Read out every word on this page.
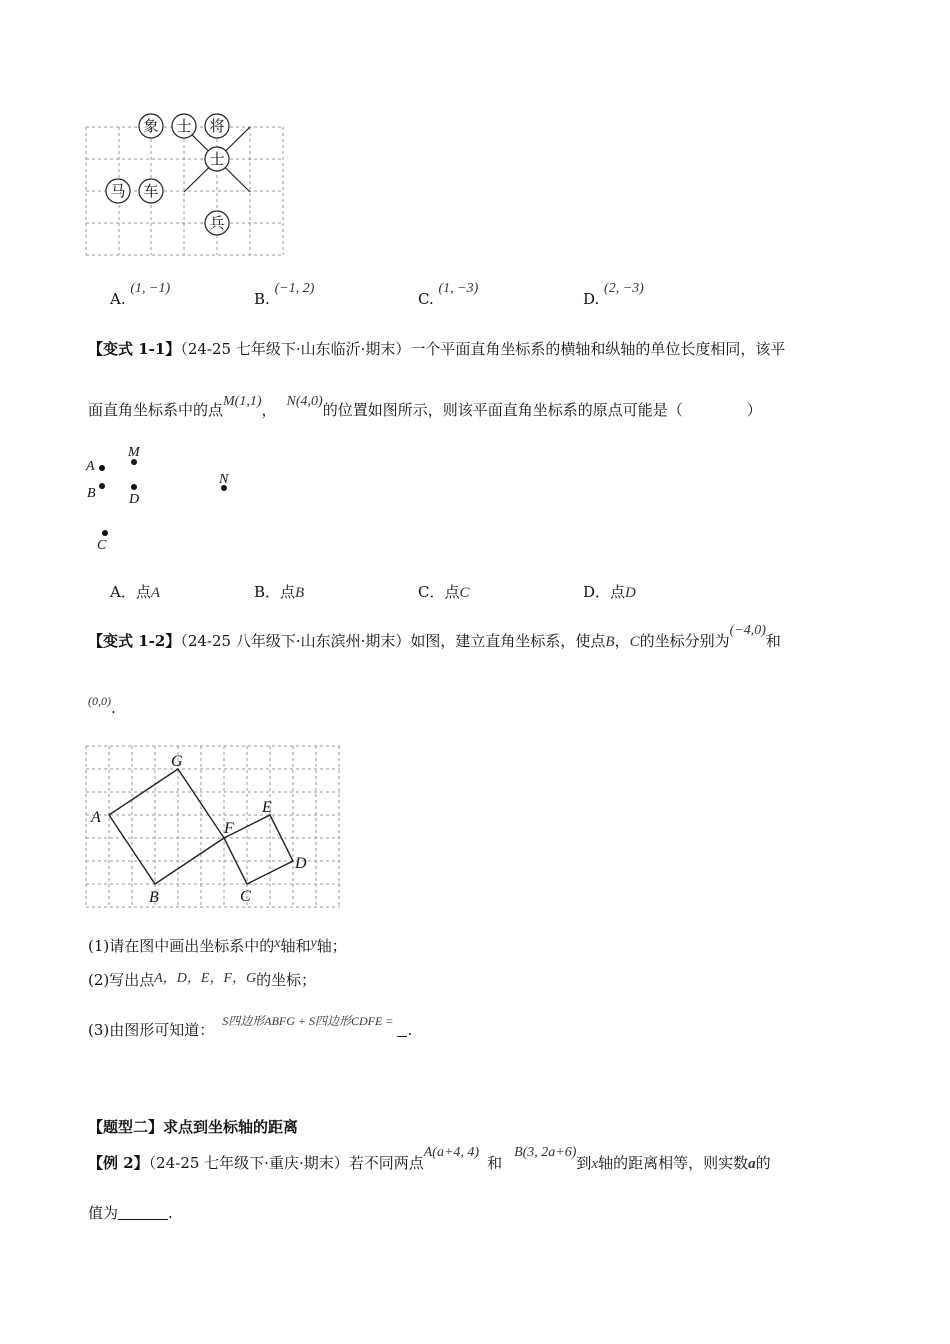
象 士 将
士
马 车
兵
A. (1, −1)
B. (−1, 2)
C. (1, −3)
D. (2, −3)
【变式 1-1】（24-25 七年级下·山东临沂·期末）一个平面直角坐标系的横轴和纵轴的单位长度相同，该平
面直角坐标系中的点M(1,1)， N(4,0)的位置如图所示，则该平面直角坐标系的原点可能是（	）
A
B
M
D
N
C
A．点A	B．点B	C．点C	D．点D
【变式 1-2】（24-25 八年级下·山东滨州·期末）如图，建立直角坐标系，使点B，C的坐标分别为(−4,0)和
$^{(0,0)}$.
A
G
F
E
D
B	C
(1)请在图中画出坐标系中的x轴和y轴；
(2)写出点A，D，E，F，G的坐标；
(3)由图形可知道： $^{S四边形ABFG + S四边形CDFE =}$ .
【题型二】求点到坐标轴的距离
【例 2】（24-25 七年级下·重庆·期末）若不同两点A(a+4, 4)和B(3, 2a+6)到x轴的距离相等，则实数a的
值为	.
